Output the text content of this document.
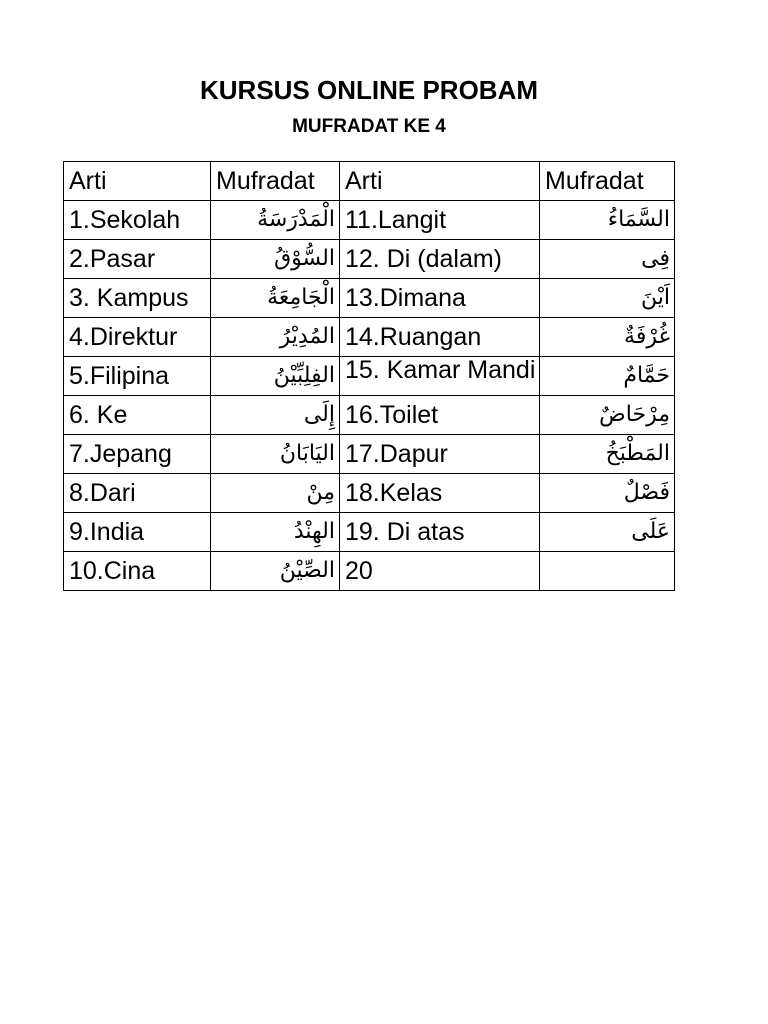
KURSUS ONLINE PROBAM
MUFRADAT KE 4
Arti	Mufradat	Arti	Mufradat
1.Sekolah	الْمَدْرَسَةُ	11.Langit	السَّمَاءُ
2.Pasar	السُّوْقُ	12. Di (dalam)	فِى
3. Kampus	الْجَامِعَةُ	13.Dimana	اَيْنَ
4.Direktur	المُدِيْرُ	14.Ruangan	غُرْفَةٌ
5.Filipina	الفِلِبِّيْنُ	15. Kamar Mandi	حَمَّامٌ
6. Ke	إِلَى	16.Toilet	مِرْحَاضٌ
7.Jepang	اليَابَانُ	17.Dapur	المَطْبَخُ
8.Dari	مِنْ	18.Kelas	فَصْلٌ
9.India	الهِنْدُ	19. Di atas	عَلَى
10.Cina	الصِّيْنُ	20	
